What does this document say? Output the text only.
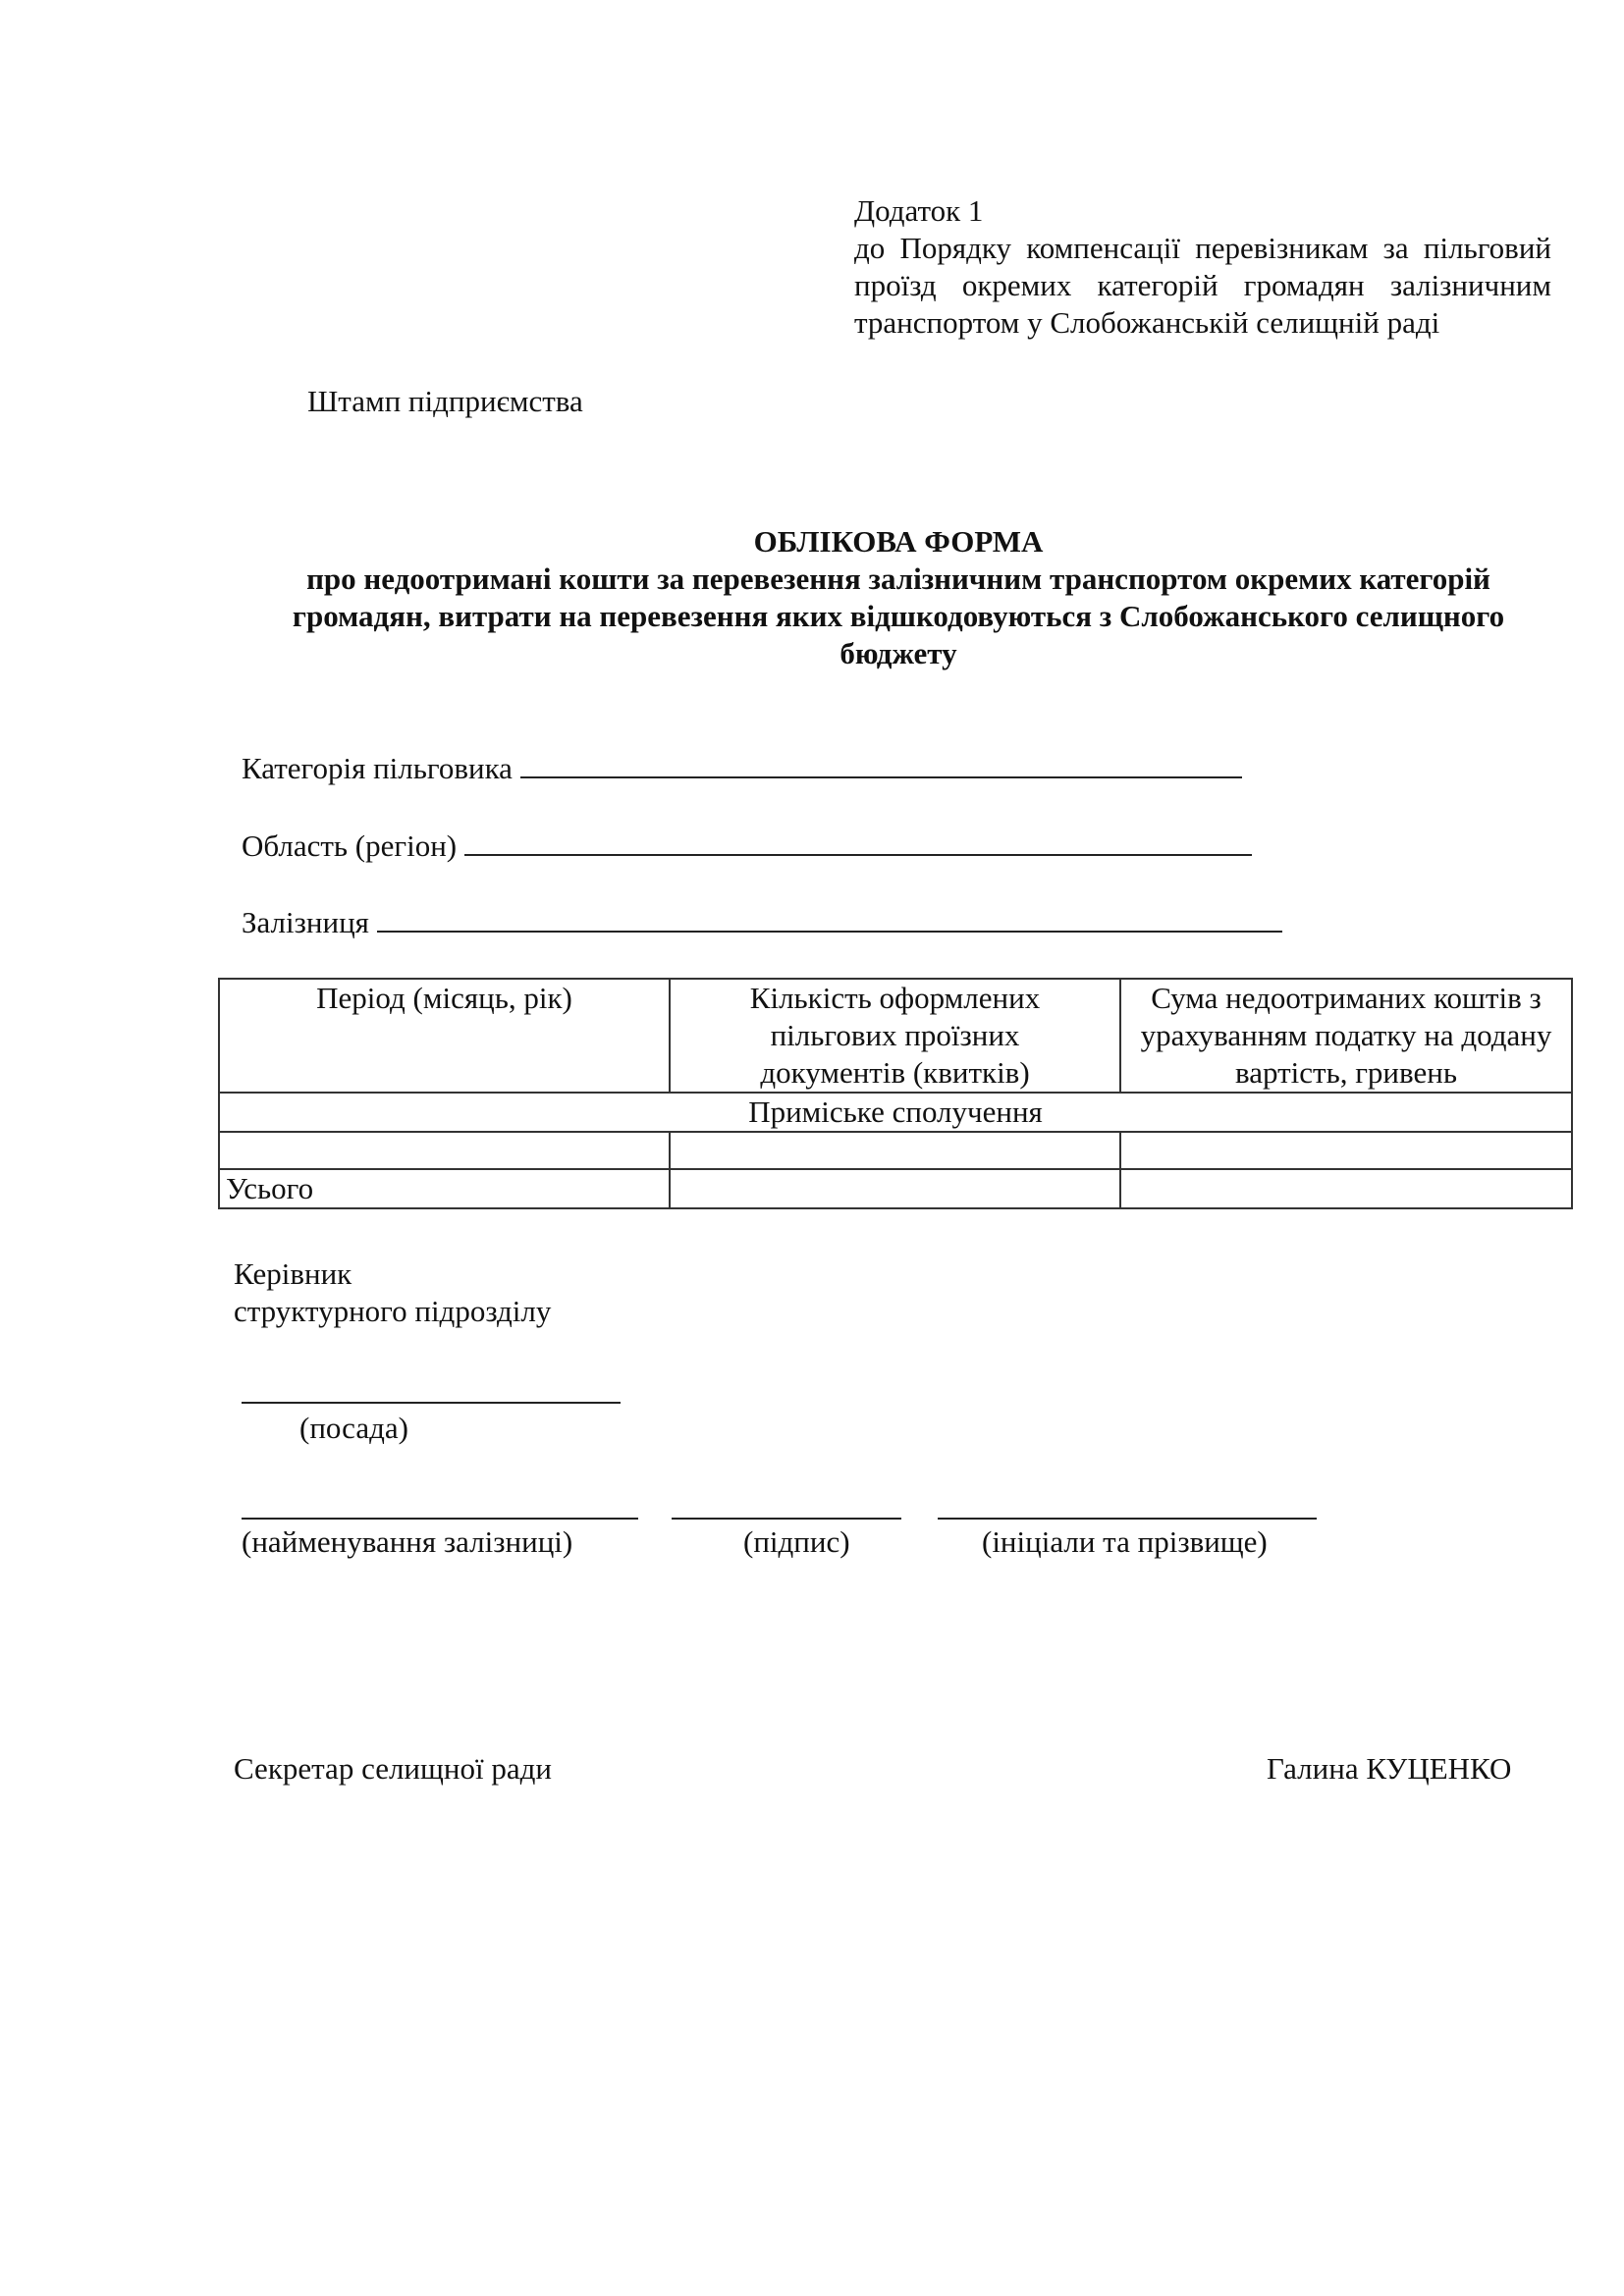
Додаток 1
до Порядку компенсації перевізникам за пільговий проїзд окремих категорій громадян залізничним транспортом у Слобожанській селищній раді
Штамп підприємства
ОБЛІКОВА ФОРМА
про недоотримані кошти за перевезення залізничним транспортом окремих категорій
громадян, витрати на перевезення яких відшкодовуються з Слобожанського селищного
бюджету
Категорія пільговика
Область (регіон)
Залізниця
Період (місяць, рік)	Кількість оформлених пільгових проїзних документів (квитків)	Сума недоотриманих коштів з урахуванням податку на додану вартість, гривень
Приміське сполучення		

Усього		
Керівник
структурного підрозділу
(посада)
(найменування залізниці)	(підпис)	(ініціали та прізвище)
Секретар селищної ради	Галина КУЦЕНКО
